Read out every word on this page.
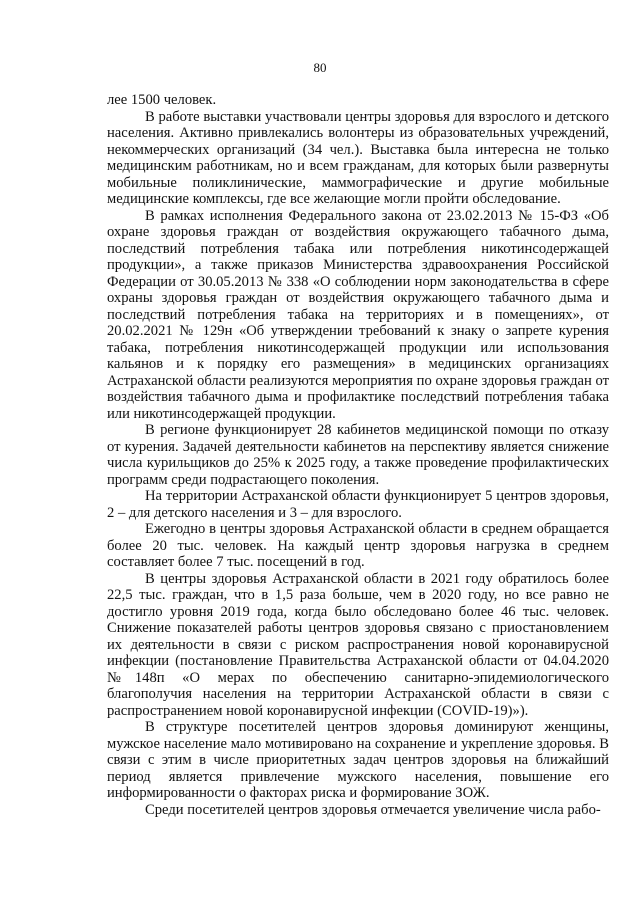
80

лее 1500 человек.

В работе выставки участвовали центры здоровья для взрослого и детского населения. Активно привлекались волонтеры из образовательных учреждений, некоммерческих организаций (34 чел.). Выставка была интересна не только медицинским работникам, но и всем гражданам, для которых были развернуты мобильные поликлинические, маммографические и другие мобильные медицинские комплексы, где все желающие могли пройти обследование.

В рамках исполнения Федерального закона от 23.02.2013 № 15-ФЗ «Об охране здоровья граждан от воздействия окружающего табачного дыма, последствий потребления табака или потребления никотинсодержащей продукции», а также приказов Министерства здравоохранения Российской Федерации от 30.05.2013 № 338 «О соблюдении норм законодательства в сфере охраны здоровья граждан от воздействия окружающего табачного дыма и последствий потребления табака на территориях и в помещениях», от 20.02.2021 № 129н «Об утверждении требований к знаку о запрете курения табака, потребления никотинсодержащей продукции или использования кальянов и к порядку его размещения» в медицинских организациях Астраханской области реализуются мероприятия по охране здоровья граждан от воздействия табачного дыма и профилактике последствий потребления табака или никотинсодержащей продукции.

В регионе функционирует 28 кабинетов медицинской помощи по отказу от курения. Задачей деятельности кабинетов на перспективу является снижение числа курильщиков до 25% к 2025 году, а также проведение профилактических программ среди подрастающего поколения.

На территории Астраханской области функционирует 5 центров здоровья, 2 – для детского населения и 3 – для взрослого.

Ежегодно в центры здоровья Астраханской области в среднем обращается более 20 тыс. человек. На каждый центр здоровья нагрузка в среднем составляет более 7 тыс. посещений в год.

В центры здоровья Астраханской области в 2021 году обратилось более 22,5 тыс. граждан, что в 1,5 раза больше, чем в 2020 году, но все равно не достигло уровня 2019 года, когда было обследовано более 46 тыс. человек. Снижение показателей работы центров здоровья связано с приостановлением их деятельности в связи с риском распространения новой коронавирусной инфекции (постановление Правительства Астраханской области от 04.04.2020 №148п «О мерах по обеспечению санитарно-эпидемиологического благополучия населения на территории Астраханской области в связи с распространением новой коронавирусной инфекции (COVID-19)»).

В структуре посетителей центров здоровья доминируют женщины, мужское население мало мотивировано на сохранение и укрепление здоровья. В связи с этим в числе приоритетных задач центров здоровья на ближайший период является привлечение мужского населения, повышение его информированности о факторах риска и формирование ЗОЖ.

Среди посетителей центров здоровья отмечается увеличение числа рабо-
